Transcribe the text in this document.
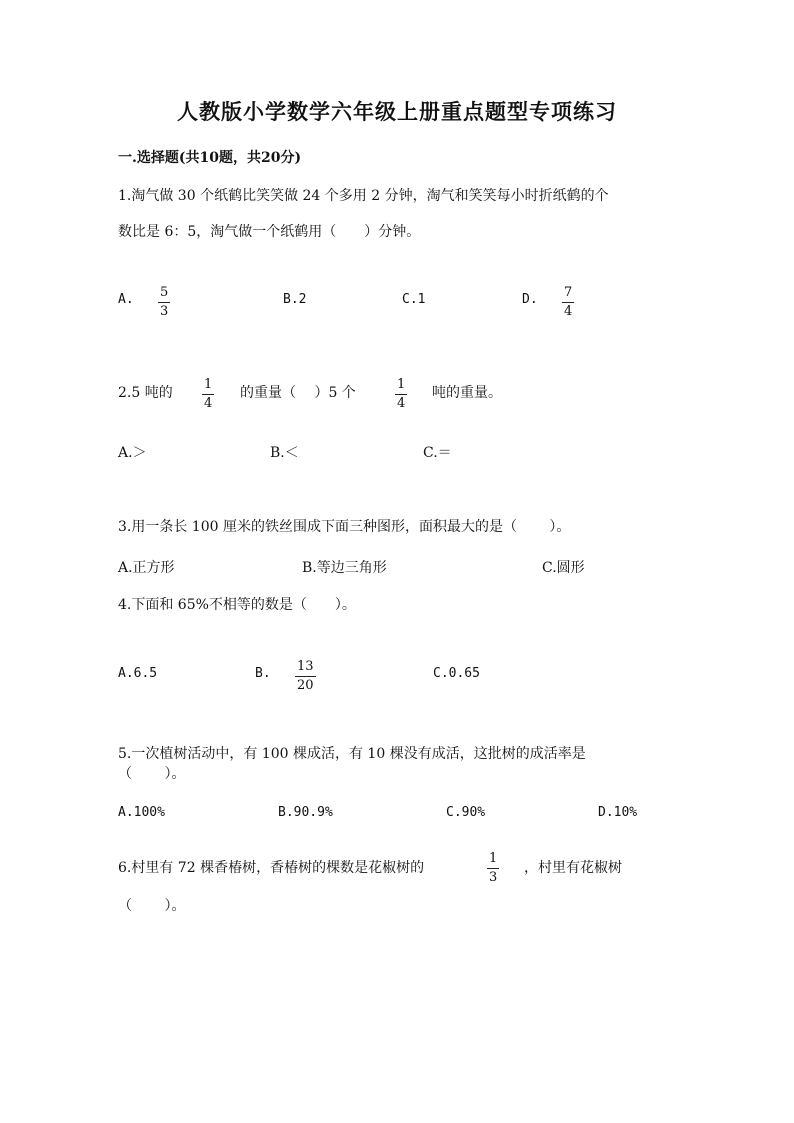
人教版小学数学六年级上册重点题型专项练习
一.选择题(共10题，共20分)
1.淘气做 30 个纸鹤比笑笑做 24 个多用 2 分钟，淘气和笑笑每小时折纸鹤的个
数比是 6：5，淘气做一个纸鹤用（　　）分钟。
A. 5
3
B.2	C.1	D. 7
4
2.5 吨的
1
4
的重量（　 ）5 个
1
4
吨的重量。
A.＞	B.＜	C.＝
3.用一条长 100 厘米的铁丝围成下面三种图形，面积最大的是（　　 ）。
A.正方形	B.等边三角形	C.圆形
4.下面和 65%不相等的数是（　　）。
A.6.5	B. 13
20
C.0.65
5.一次植树活动中，有 100 棵成活，有 10 棵没有成活，这批树的成活率是
（　　 ）。
A.100%	B.90.9%	C.90%	D.10%
6.村里有 72 棵香椿树，香椿树的棵数是花椒树的
1
3
，村里有花椒树
（　　 ）。
